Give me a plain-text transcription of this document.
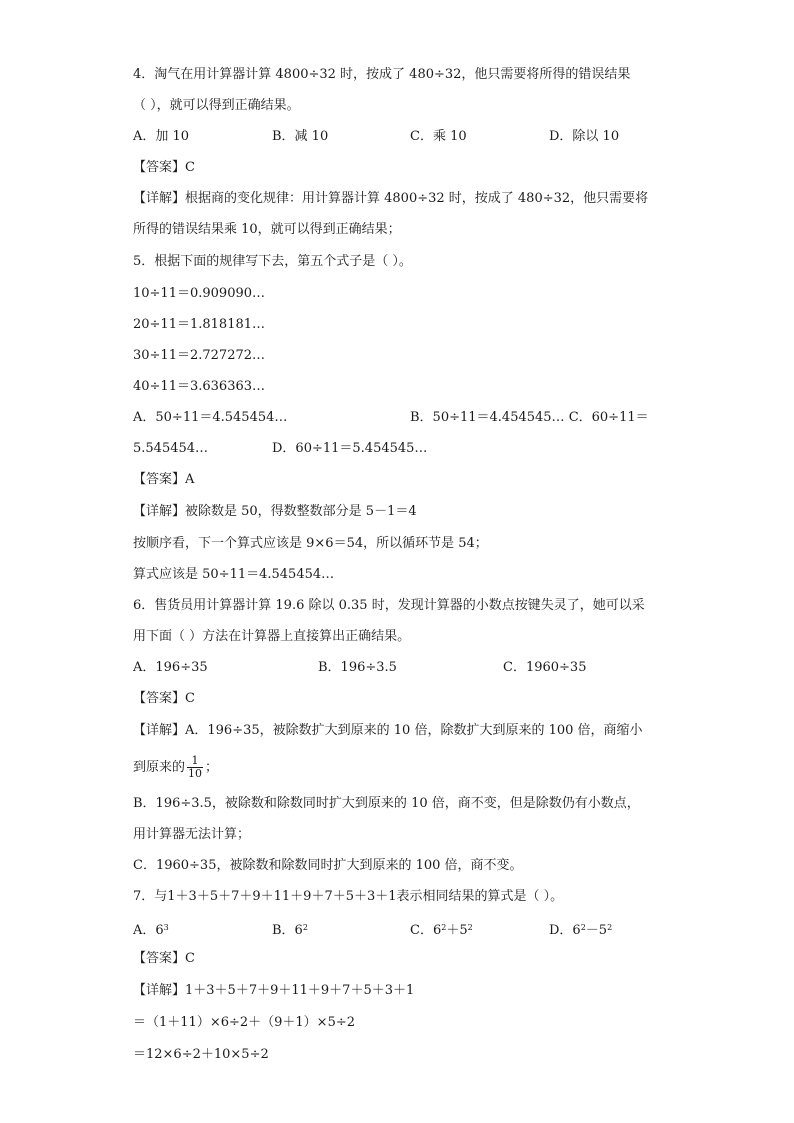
4．淘气在用计算器计算 4800÷32 时，按成了 480÷32，他只需要将所得的错误结果
（ ），就可以得到正确结果。
A．加 10	B．减 10	C．乘 10	D．除以 10
【答案】C
【详解】根据商的变化规律：用计算器计算 4800÷32 时，按成了 480÷32，他只需要将
所得的错误结果乘 10，就可以得到正确结果；
5．根据下面的规律写下去，第五个式子是（ ）。
10÷11＝0.909090…
20÷11＝1.818181…
30÷11＝2.727272…
40÷11＝3.636363…
A．50÷11＝4.545454…	B．50÷11＝4.454545… C．60÷11＝
5.545454…	D．60÷11＝5.454545…
【答案】A
【详解】被除数是 50，得数整数部分是 5－1＝4
按顺序看，下一个算式应该是 9×6＝54，所以循环节是 54；
算式应该是 50÷11＝4.545454…
6．售货员用计算器计算 19.6 除以 0.35 时，发现计算器的小数点按键失灵了，她可以采
用下面（ ）方法在计算器上直接算出正确结果。
A．196÷35	B．196÷3.5	C．1960÷35
【答案】C
【详解】A．196÷35，被除数扩大到原来的 10 倍，除数扩大到原来的 100 倍，商缩小
到原来的 $\frac{1}{10}$ ；
B．196÷3.5，被除数和除数同时扩大到原来的 10 倍，商不变，但是除数仍有小数点，
用计算器无法计算；
C．1960÷35，被除数和除数同时扩大到原来的 100 倍，商不变。
7．与1＋3＋5＋7＋9＋11＋9＋7＋5＋3＋1表示相同结果的算式是（ ）。
A．$6^3$	B．$6^2$	C．$6^2+5^2$	D．$6^2-5^2$
【答案】C
【详解】1＋3＋5＋7＋9＋11＋9＋7＋5＋3＋1
＝（1＋11）×6÷2＋（9＋1）×5÷2
＝12×6÷2＋10×5÷2
